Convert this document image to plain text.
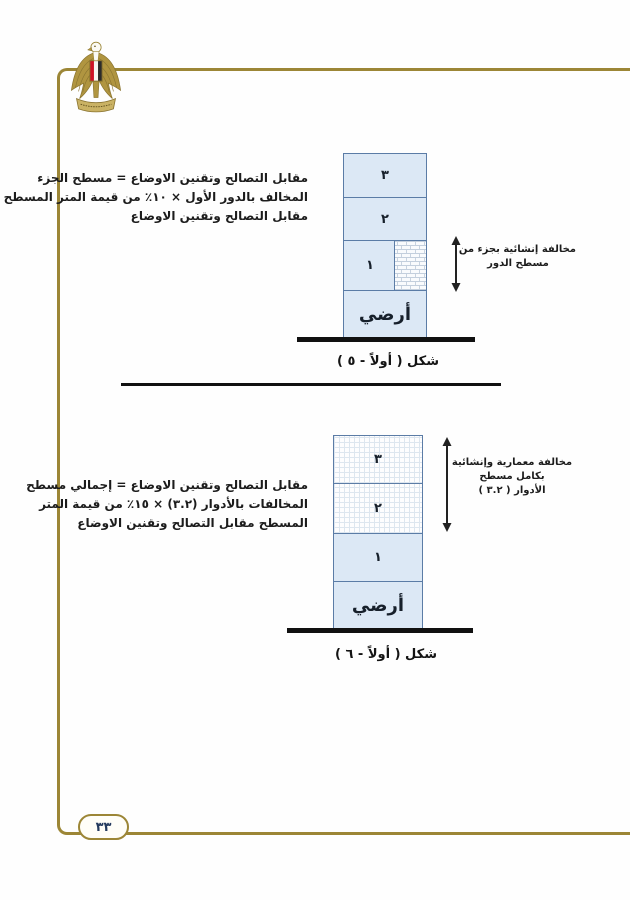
مقابل التصالح وتقنين الاوضاع = مسطح الجزء
المخالف بالدور الأول × ١٠٪ من قيمة المتر المسطح
مقابل التصالح وتقنين الاوضاع
٣
٢
١
أرضي
مخالفة إنشائية بجزء من
مسطح الدور
شكل ( أولاً - ٥ )
مقابل التصالح وتقنين الاوضاع = إجمالي مسطح
المخالفات بالأدوار (٣.٢) × ١٥٪ من قيمة المتر
المسطح مقابل التصالح وتقنين الاوضاع
٣
٢
١
أرضي
مخالفة معمارية وإنشائية
بكامل مسطح
الأدوار ( ٣.٢ )
شكل ( أولاً - ٦ )
٣٣
